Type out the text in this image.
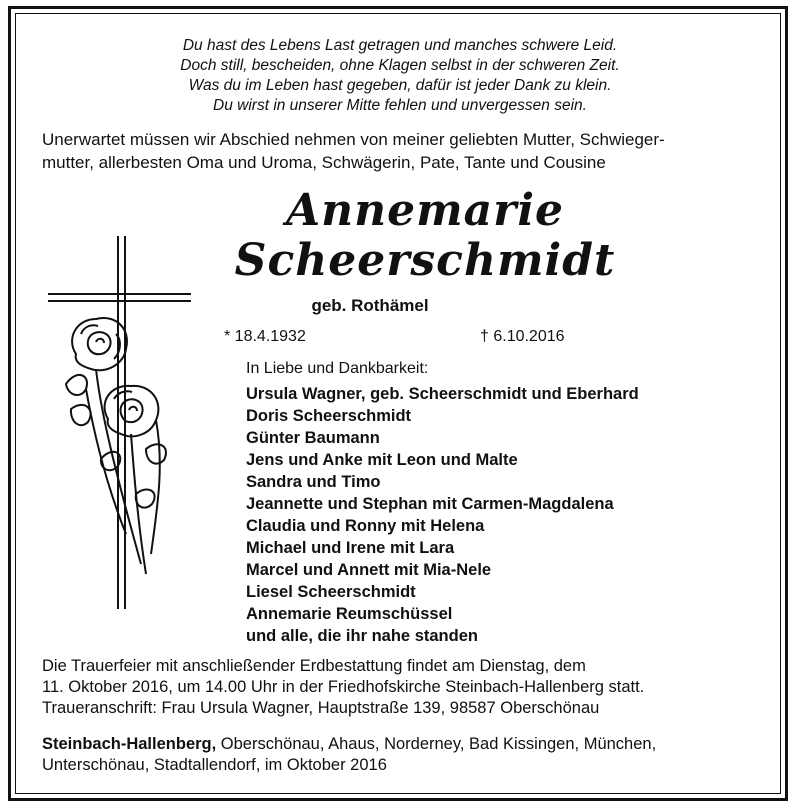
Du hast des Lebens Last getragen und manches schwere Leid.
Doch still, bescheiden, ohne Klagen selbst in der schweren Zeit.
Was du im Leben hast gegeben, dafür ist jeder Dank zu klein.
Du wirst in unserer Mitte fehlen und unvergessen sein.
Unerwartet müssen wir Abschied nehmen von meiner geliebten Mutter, Schwieger-
mutter, allerbesten Oma und Uroma, Schwägerin, Pate, Tante und Cousine
Annemarie
Scheerschmidt
geb. Rothämel
* 18.4.1932	† 6.10.2016
In Liebe und Dankbarkeit:
Ursula Wagner, geb. Scheerschmidt und Eberhard
Doris Scheerschmidt
Günter Baumann
Jens und Anke mit Leon und Malte
Sandra und Timo
Jeannette und Stephan mit Carmen-Magdalena
Claudia und Ronny mit Helena
Michael und Irene mit Lara
Marcel und Annett mit Mia-Nele
Liesel Scheerschmidt
Annemarie Reumschüssel
und alle, die ihr nahe standen
Die Trauerfeier mit anschließender Erdbestattung findet am Dienstag, dem
11. Oktober 2016, um 14.00 Uhr in der Friedhofskirche Steinbach-Hallenberg statt.
Traueranschrift: Frau Ursula Wagner, Hauptstraße 139, 98587 Oberschönau
Steinbach-Hallenberg, Oberschönau, Ahaus, Norderney, Bad Kissingen, München,
Unterschönau, Stadtallendorf, im Oktober 2016
